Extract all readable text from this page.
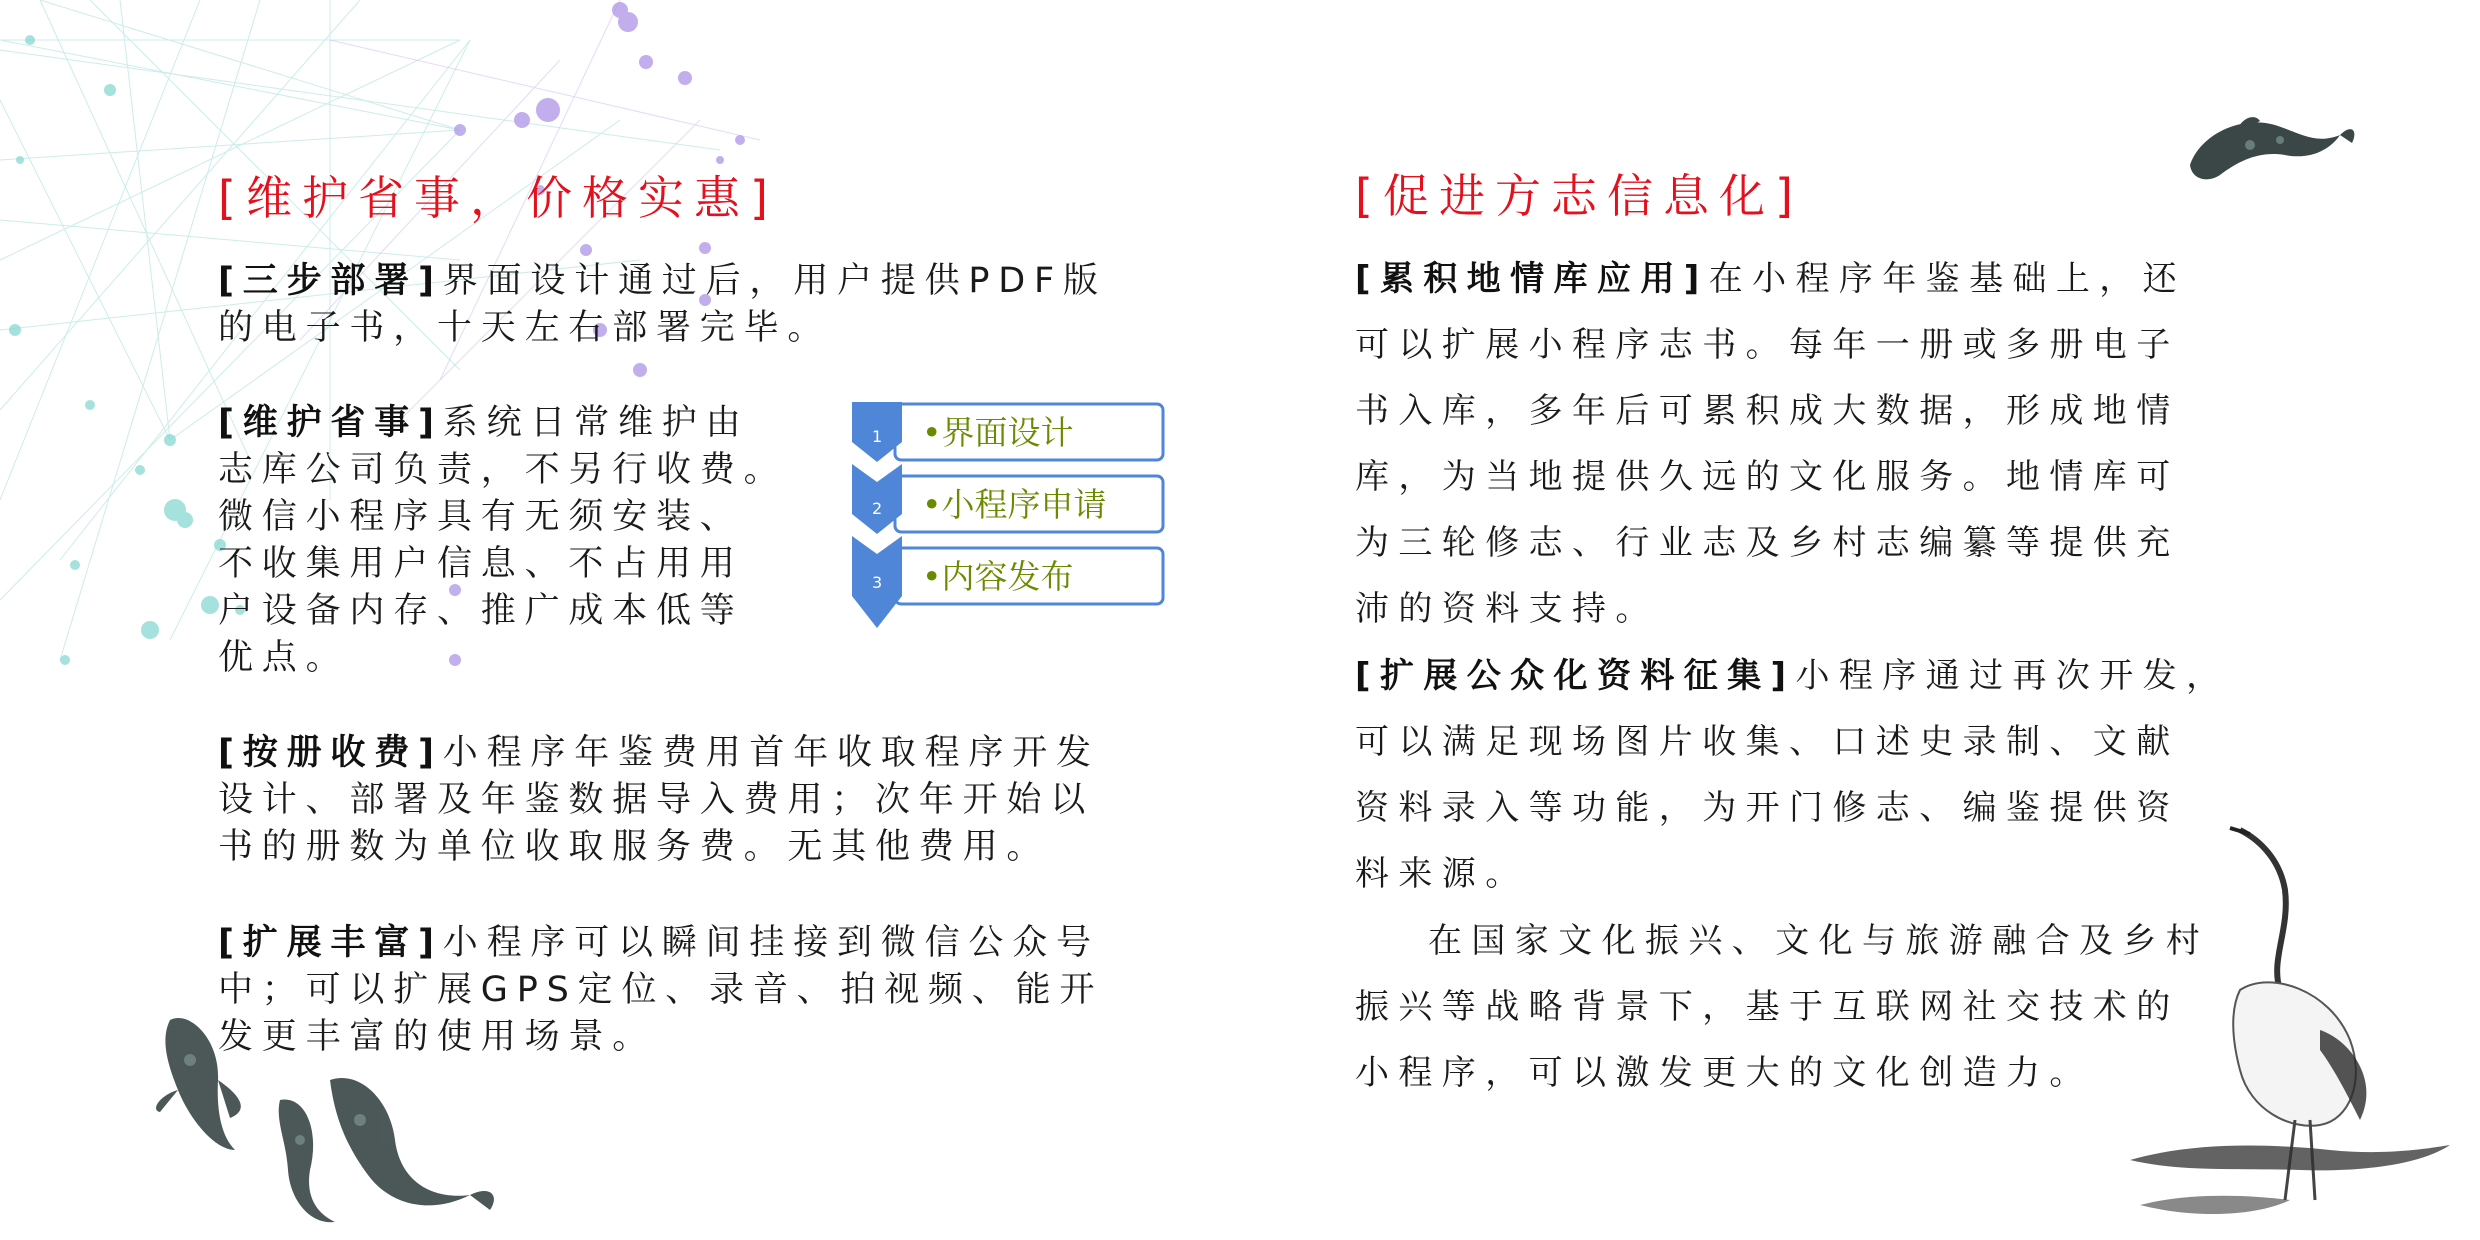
[维护省事，价格实惠]

[三步部署]界面设计通过后，用户提供PDF版
的电子书，十天左右部署完毕。

[维护省事]系统日常维护由
志库公司负责，不另行收费。
微信小程序具有无须安装、
不收集用户信息、不占用用
户设备内存、推广成本低等
优点。

1 •界面设计
2 •小程序申请
3 •内容发布

[按册收费]小程序年鉴费用首年收取程序开发
设计、部署及年鉴数据导入费用；次年开始以
书的册数为单位收取服务费。无其他费用。

[扩展丰富]小程序可以瞬间挂接到微信公众号
中；可以扩展GPS定位、录音、拍视频、能开
发更丰富的使用场景。

[促进方志信息化]

[累积地情库应用]在小程序年鉴基础上，还
可以扩展小程序志书。每年一册或多册电子
书入库，多年后可累积成大数据，形成地情
库，为当地提供久远的文化服务。地情库可
为三轮修志、行业志及乡村志编纂等提供充
沛的资料支持。

[扩展公众化资料征集]小程序通过再次开发，
可以满足现场图片收集、口述史录制、文献
资料录入等功能，为开门修志、编鉴提供资
料来源。

在国家文化振兴、文化与旅游融合及乡村
振兴等战略背景下，基于互联网社交技术的
小程序，可以激发更大的文化创造力。
